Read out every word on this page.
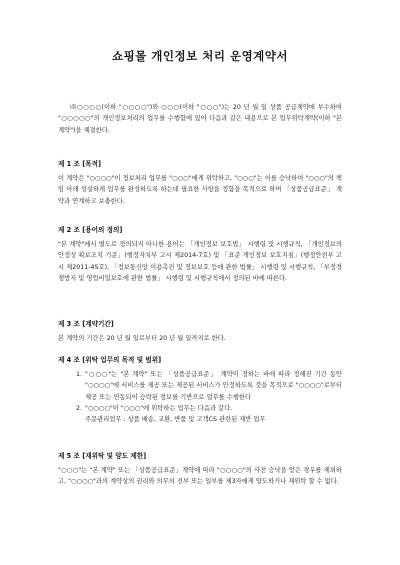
쇼핑몰 개인정보 처리 운영계약서

㈜○○○○(이하 "○○○○")와 ○○○(이하 "○○○")는 20 년 월 일 상품 공급계약에 부수하여 "○○○○○"의 개인정보처리의 업무를 수행함에 있어 다음과 같은 내용으로 본 업무위탁계약(이하 "본 계약")을 체결한다.

제 1 조 [목적]

이 계약은 "○○○○"이 정보처리 업무를 "○○○"에게 위탁하고, "○○○"는 이를 승낙하여 "○○○"의 책임 아래 성실하게 업무를 완성하도록 하는데 필요한 사항을 정함을 목적으로 하며 「상품공급표준」 계약과 연계하고 보충한다.

제 2 조 [용어의 정의]

"본 계약"에서 별도로 정의되지 아니한 용어는 「개인정보 보호법」 시행령 및 시행규칙, 「개인정보의 안정성 확보조치 기준」(행정자치부 고시 제2014-7호) 및 「표준 개인정보 보호지침」(행정안전부 고시 제2011-45호), 「정보통신망 이용촉진 및 정보보호 등에 관한 법률」 시행령 및 시행규칙, 「부정경쟁방지 및 영업비밀보호에 관한 법률」 시행령 및 시행규칙에서 정의된 바에 따른다.

제 3 조 [계약기간]

본 계약의 기간은 20 년 월 일로부터 20 년 월 일까지로 한다.

제 4 조 [위탁 업무의 목적 및 범위]
1. "○○○"는 "본 계약" 또는 「상품공급표준」 계약이 정하는 바에 따라 정해진 기간 동안 "○○○○"에 서비스를 제공 또는 제공된 서비스가 안정하도록 것을 목적으로 "○○○○"로부터 제공 또는 연동되어 승락된 정보를 기반으로 업무를 수행한다
2. "○○○○"이 "○○○"에 위탁하는 업무는 다음과 같다.
주문관리업무 : 상품 배송, 교환, 반품 및 고객CS 관련된 제반 업무
제 5 조 [재위탁 및 양도 제한]

"○○○"는 "본 계약" 또는 「상품공급표준」계약에 따라 "○○○○"의 사전 승낙을 얻은 경우를 제외하고, "○○○○"과의 계약상의 권리와 의무의 전부 또는 일부를 제3자에게 양도하거나 재위탁 할 수 없다.
